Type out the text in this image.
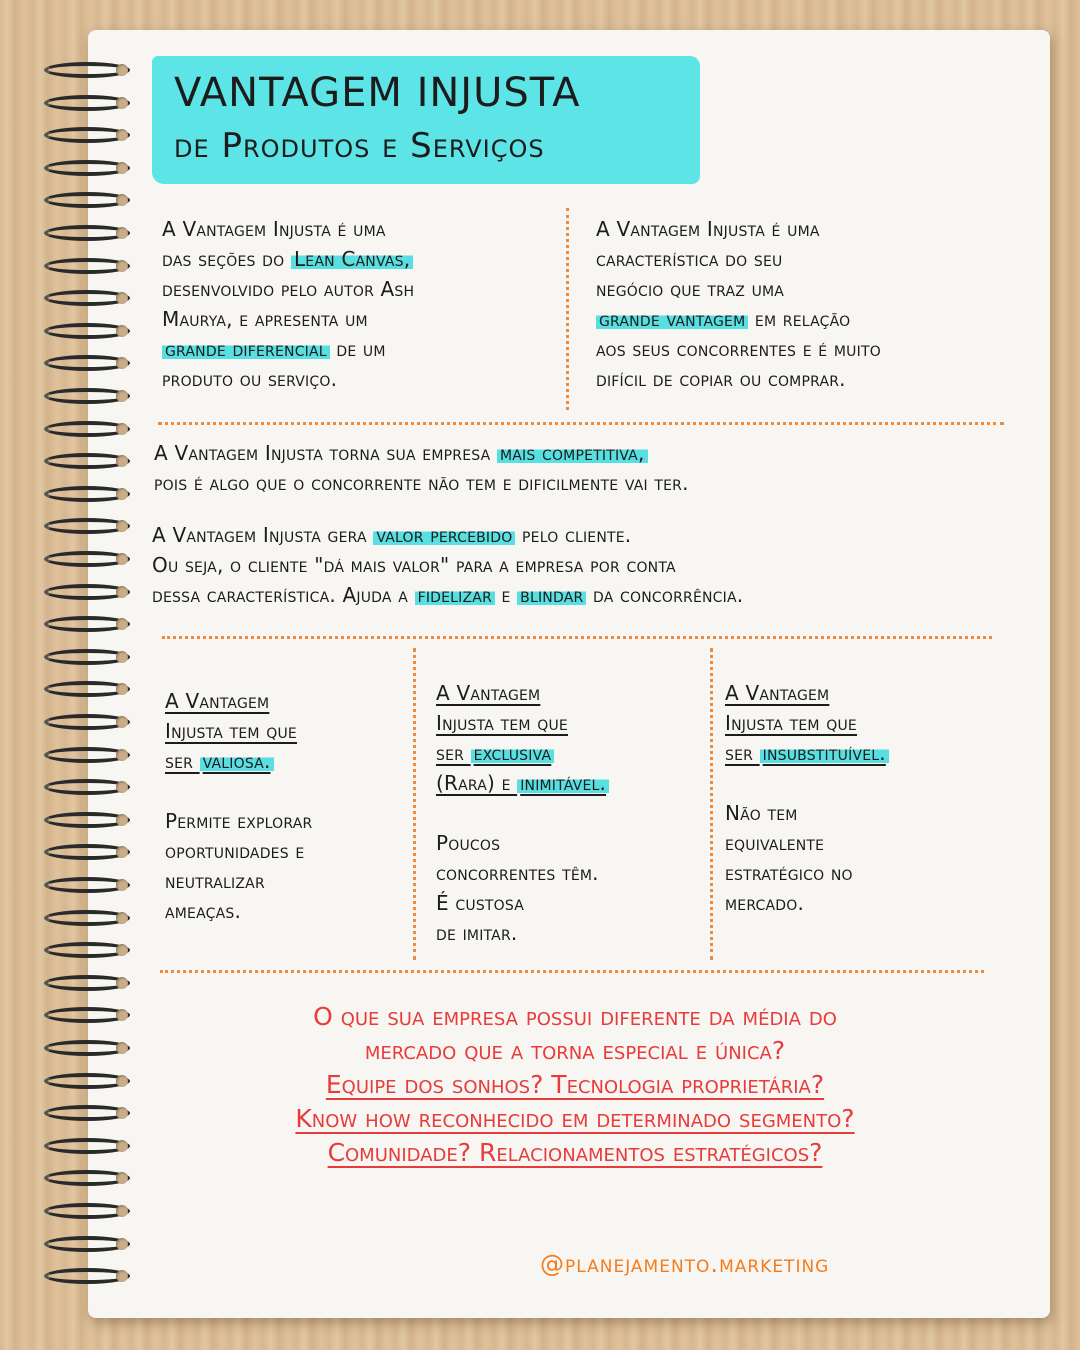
VANTAGEM INJUSTA
de Produtos e Serviços
A Vantagem Injusta é uma
das seções do Lean Canvas,
desenvolvido pelo autor Ash
Maurya, e apresenta um
grande diferencial de um
produto ou serviço.
A Vantagem Injusta é uma
característica do seu
negócio que traz uma
grande vantagem em relação
aos seus concorrentes e é muito
difícil de copiar ou comprar.
A Vantagem Injusta torna sua empresa mais competitiva,
pois é algo que o concorrente não tem e dificilmente vai ter.
A Vantagem Injusta gera valor percebido pelo cliente.
Ou seja, o cliente "dá mais valor" para a empresa por conta
dessa característica. Ajuda a fidelizar e blindar da concorrência.
A Vantagem
Injusta tem que
ser valiosa.
Permite explorar
oportunidades e
neutralizar
ameaças.
A Vantagem
Injusta tem que
ser exclusiva
(Rara) e inimitável.
Poucos
concorrentes têm.
É custosa
de imitar.
A Vantagem
Injusta tem que
ser insubstituível.
Não tem
equivalente
estratégico no
mercado.
O que sua empresa possui diferente da média do
mercado que a torna especial e única?
Equipe dos sonhos? Tecnologia proprietária?
Know how reconhecido em determinado segmento?
Comunidade? Relacionamentos estratégicos?
@planejamento.marketing
